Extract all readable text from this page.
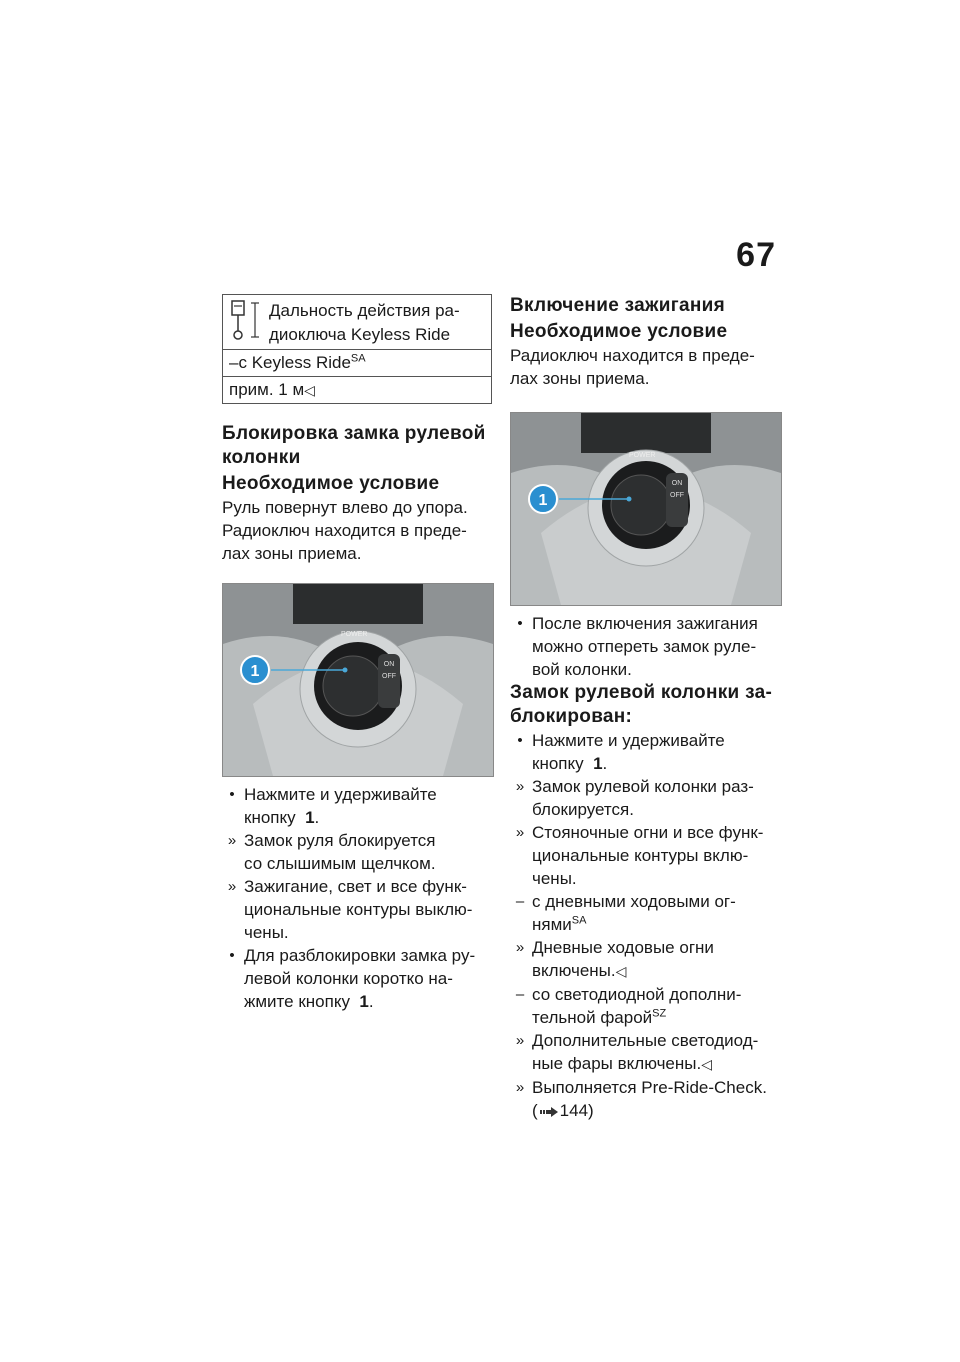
67
Дальность действия ра-
диоключа Keyless Ride

–с Keyless Ride$^{SA}$
прим. 1 м◁
Блокировка замка рулевой
колонки
Необходимое условие

Руль повернут влево до упора.

Радиоключ находится в преде-
лах зоны приема.

ON
OFF
POWER
1
• Нажмите и удерживайте
кнопку 1.
» Замок руля блокируется
со слышимым щелчком.
» Зажигание, свет и все функ-
циональные контуры выклю-
чены.
• Для разблокировки замка ру-
левой колонки коротко на-
жмите кнопку 1.
Включение зажигания
Необходимое условие

Радиоключ находится в преде-
лах зоны приема.

ON
OFF
POWER
1
• После включения зажигания
можно отпереть замок руле-
вой колонки.
Замок рулевой колонки за-
блокирован:
• Нажмите и удерживайте
кнопку 1.
» Замок рулевой колонки раз-
блокируется.
» Стояночные огни и все функ-
циональные контуры вклю-
чены.
– с дневными ходовыми ог-
нями$^{SA}$
» Дневные ходовые огни
включены.◁
– со светодиодной дополни-
тельной фарой$^{SZ}$
» Дополнительные светодиод-
ные фары включены.◁
» Выполняется Pre-Ride-Check.
( 144)
